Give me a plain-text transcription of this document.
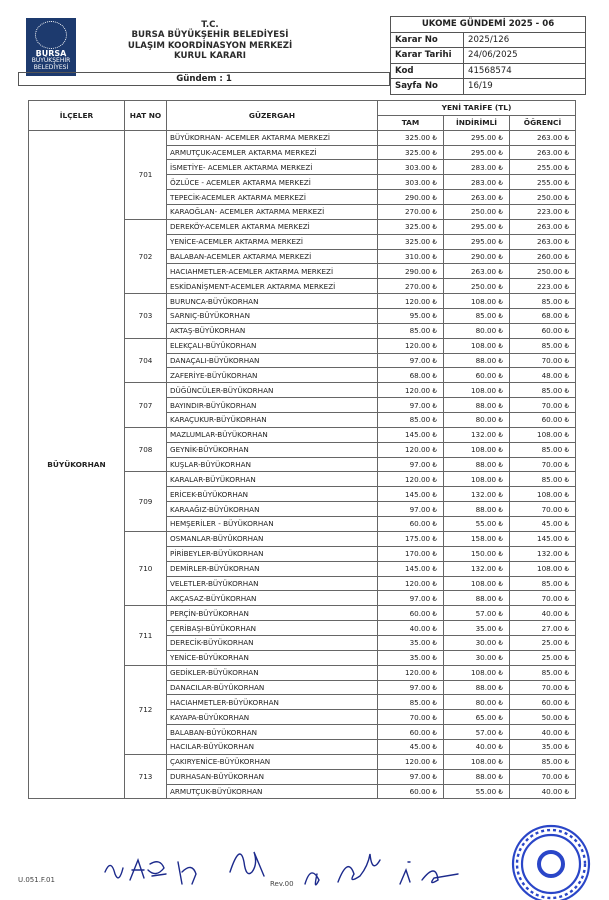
BURSA
BÜYÜKŞEHİR
BELEDİYESİ
T.C.
BURSA BÜYÜKŞEHİR BELEDİYESİ
ULAŞIM KOORDİNASYON MERKEZİ
KURUL KARARI
UKOME GÜNDEMİ 2025 - 06	
Karar No	2025/126
Karar Tarihi	24/06/2025
Kod	41568574
Sayfa No	16/19
Gündem : 1
İLÇELER	HAT NO	GÜZERGAH	YENİ TARİFE (TL)		
			TAM	İNDİRİMLİ	ÖĞRENCİ
BÜYÜKORHAN	701	BÜYÜKORHAN- ACEMLER AKTARMA MERKEZİ	325.00 ₺	295.00 ₺	263.00 ₺
		ARMUTÇUK-ACEMLER AKTARMA MERKEZİ	325.00 ₺	295.00 ₺	263.00 ₺
		İSMETİYE- ACEMLER AKTARMA MERKEZİ	303.00 ₺	283.00 ₺	255.00 ₺
		ÖZLÜCE - ACEMLER AKTARMA MERKEZİ	303.00 ₺	283.00 ₺	255.00 ₺
		TEPECİK-ACEMLER AKTARMA MERKEZİ	290.00 ₺	263.00 ₺	250.00 ₺
		KARAOĞLAN- ACEMLER AKTARMA MERKEZİ	270.00 ₺	250.00 ₺	223.00 ₺
	702	DEREKÖY-ACEMLER AKTARMA MERKEZİ	325.00 ₺	295.00 ₺	263.00 ₺
		YENİCE-ACEMLER AKTARMA MERKEZİ	325.00 ₺	295.00 ₺	263.00 ₺
		BALABAN-ACEMLER AKTARMA MERKEZİ	310.00 ₺	290.00 ₺	260.00 ₺
		HACIAHMETLER-ACEMLER AKTARMA MERKEZİ	290.00 ₺	263.00 ₺	250.00 ₺
		ESKİDANİŞMENT-ACEMLER AKTARMA MERKEZİ	270.00 ₺	250.00 ₺	223.00 ₺
	703	BURUNCA-BÜYÜKORHAN	120.00 ₺	108.00 ₺	85.00 ₺
		SARNIÇ-BÜYÜKORHAN	95.00 ₺	85.00 ₺	68.00 ₺
		AKTAŞ-BÜYÜKORHAN	85.00 ₺	80.00 ₺	60.00 ₺
	704	ELEKÇALI-BÜYÜKORHAN	120.00 ₺	108.00 ₺	85.00 ₺
		DANAÇALI-BÜYÜKORHAN	97.00 ₺	88.00 ₺	70.00 ₺
		ZAFERİYE-BÜYÜKORHAN	68.00 ₺	60.00 ₺	48.00 ₺
	707	DÜĞÜNCÜLER-BÜYÜKORHAN	120.00 ₺	108.00 ₺	85.00 ₺
		BAYINDIR-BÜYÜKORHAN	97.00 ₺	88.00 ₺	70.00 ₺
		KARAÇUKUR-BÜYÜKORHAN	85.00 ₺	80.00 ₺	60.00 ₺
	708	MAZLUMLAR-BÜYÜKORHAN	145.00 ₺	132.00 ₺	108.00 ₺
		GEYNİK-BÜYÜKORHAN	120.00 ₺	108.00 ₺	85.00 ₺
		KUŞLAR-BÜYÜKORHAN	97.00 ₺	88.00 ₺	70.00 ₺
	709	KARALAR-BÜYÜKORHAN	120.00 ₺	108.00 ₺	85.00 ₺
		ERİCEK-BÜYÜKORHAN	145.00 ₺	132.00 ₺	108.00 ₺
		KARAAĞIZ-BÜYÜKORHAN	97.00 ₺	88.00 ₺	70.00 ₺
		HEMŞERİLER - BÜYÜKORHAN	60.00 ₺	55.00 ₺	45.00 ₺
	710	OSMANLAR-BÜYÜKORHAN	175.00 ₺	158.00 ₺	145.00 ₺
		PİRİBEYLER-BÜYÜKORHAN	170.00 ₺	150.00 ₺	132.00 ₺
		DEMİRLER-BÜYÜKORHAN	145.00 ₺	132.00 ₺	108.00 ₺
		VELETLER-BÜYÜKORHAN	120.00 ₺	108.00 ₺	85.00 ₺
		AKÇASAZ-BÜYÜKORHAN	97.00 ₺	88.00 ₺	70.00 ₺
	711	PERÇİN-BÜYÜKORHAN	60.00 ₺	57.00 ₺	40.00 ₺
		ÇERİBAŞI-BÜYÜKORHAN	40.00 ₺	35.00 ₺	27.00 ₺
		DERECİK-BÜYÜKORHAN	35.00 ₺	30.00 ₺	25.00 ₺
		YENİCE-BÜYÜKORHAN	35.00 ₺	30.00 ₺	25.00 ₺
	712	GEDİKLER-BÜYÜKORHAN	120.00 ₺	108.00 ₺	85.00 ₺
		DANACILAR-BÜYÜKORHAN	97.00 ₺	88.00 ₺	70.00 ₺
		HACIAHMETLER-BÜYÜKORHAN	85.00 ₺	80.00 ₺	60.00 ₺
		KAYAPA-BÜYÜKORHAN	70.00 ₺	65.00 ₺	50.00 ₺
		BALABAN-BÜYÜKORHAN	60.00 ₺	57.00 ₺	40.00 ₺
		HACILAR-BÜYÜKORHAN	45.00 ₺	40.00 ₺	35.00 ₺
	713	ÇAKIRYENİCE-BÜYÜKORHAN	120.00 ₺	108.00 ₺	85.00 ₺
		DURHASAN-BÜYÜKORHAN	97.00 ₺	88.00 ₺	70.00 ₺
		ARMUTÇUK-BÜYÜKORHAN	60.00 ₺	55.00 ₺	40.00 ₺
U.051.F.01	Rev.00
